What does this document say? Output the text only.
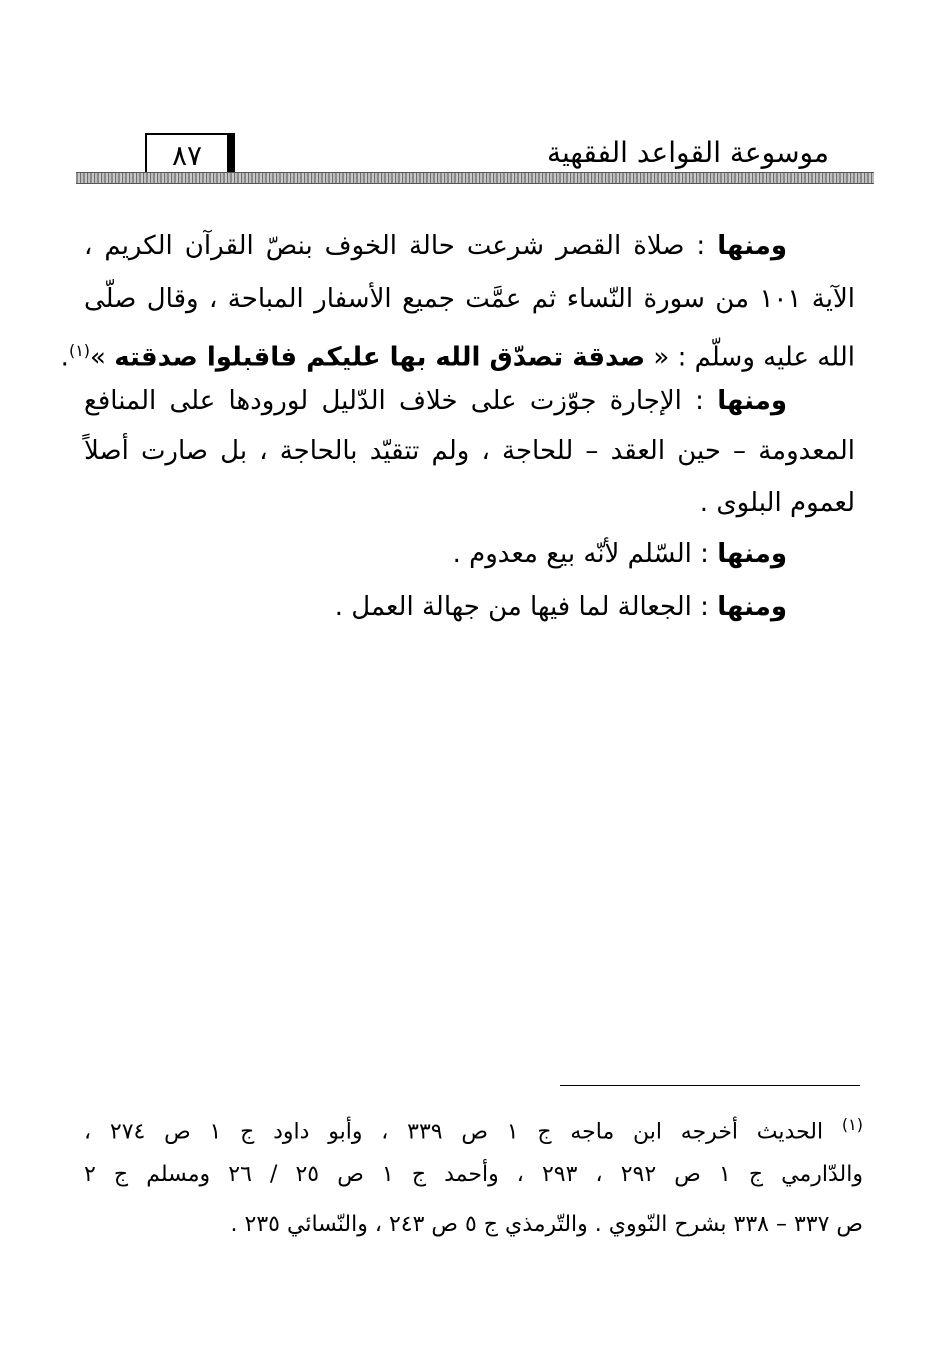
موسوعة القواعد الفقهية
٨٧
ومنها : صلاة القصر شرعت حالة الخوف بنصّ القرآن الكريم ،
الآية ١٠١ من سورة النّساء ثم عمَّت جميع الأسفار المباحة ، وقال صلّى
الله عليه وسلّم : « صدقة تصدّق الله بها عليكم فاقبلوا صدقته »$^{(١)}$.
ومنها : الإجارة جوّزت على خلاف الدّليل لورودها على المنافع
المعدومة – حين العقد – للحاجة ، ولم تتقيّد بالحاجة ، بل صارت أصلاً
لعموم البلوى .
ومنها : السّلم لأنّه بيع معدوم .
ومنها : الجعالة لما فيها من جهالة العمل .
$^{(١)}$ الحديث أخرجه ابن ماجه ج ١ ص ٣٣٩ ، وأبو داود ج ١ ص ٢٧٤ ،
والدّارمي ج ١ ص ٢٩٢ ، ٢٩٣ ، وأحمد ج ١ ص ٢٥ / ٢٦ ومسلم ج ٢
ص ٣٣٧ – ٣٣٨ بشرح النّووي . والتّرمذي ج ٥ ص ٢٤٣ ، والنّسائي ٢٣٥ .
